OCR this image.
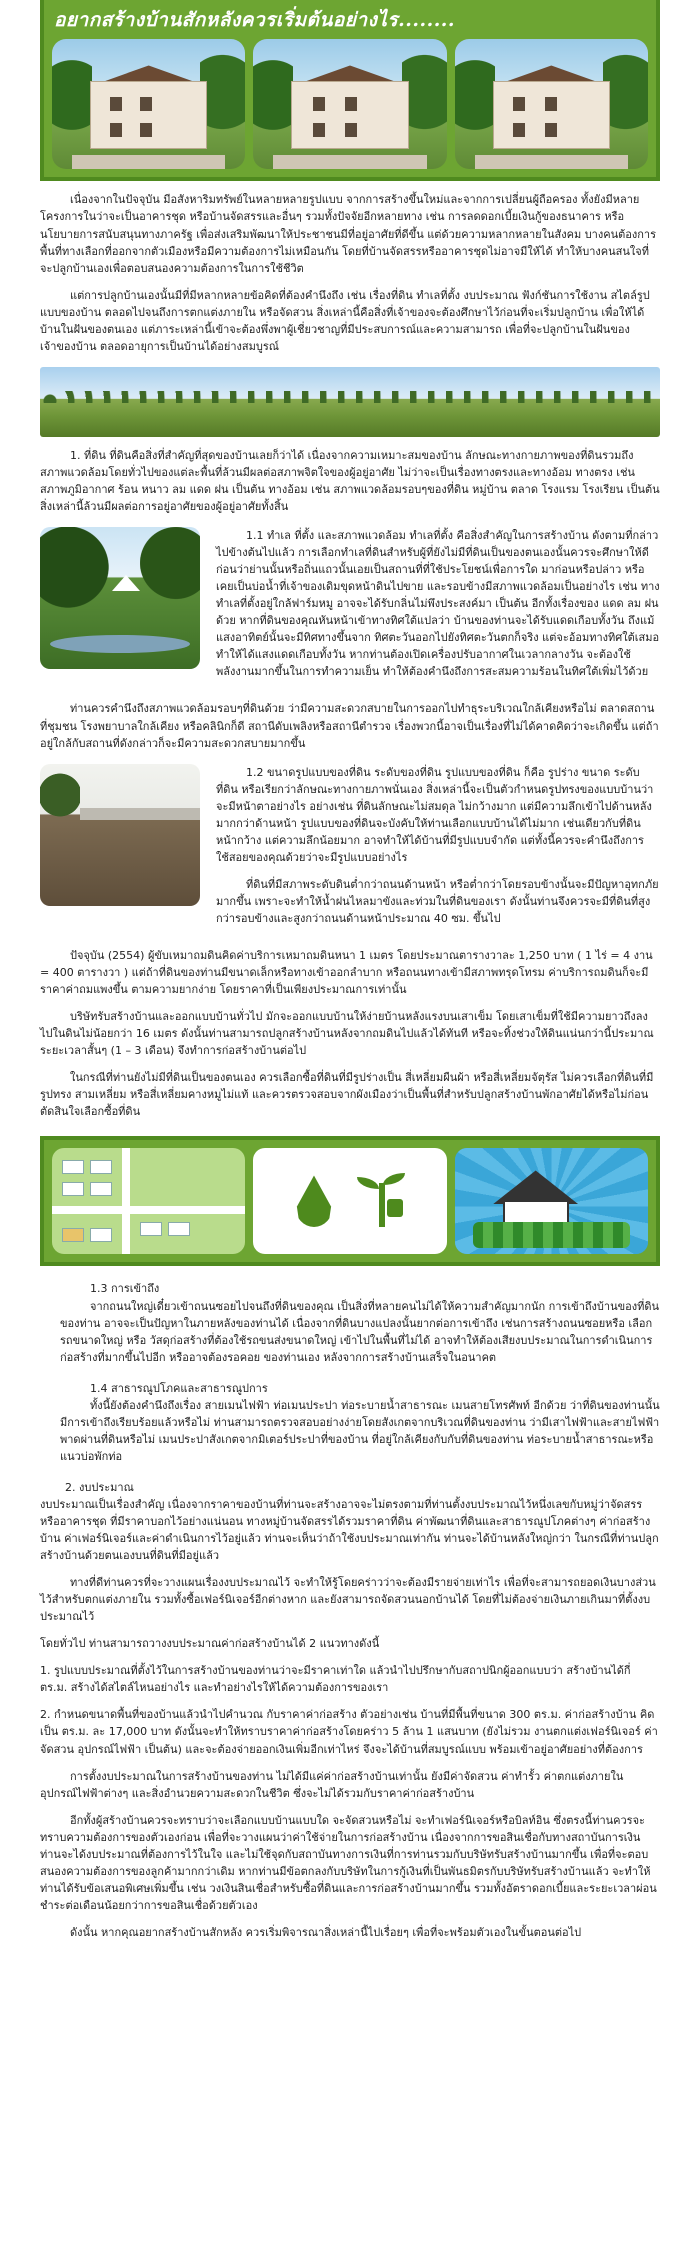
อยากสร้างบ้านสักหลังควรเริ่มต้นอย่างไร........

เนื่องจากในปัจจุบัน มีอสังหาริมทรัพย์ในหลายหลายรูปแบบ จากการสร้างขึ้นใหม่และจากการเปลี่ยนผู้ถือครอง ทั้งยังมีหลายโครงการในว่าจะเป็นอาคารชุด หรือบ้านจัดสรรและอื่นๆ รวมทั้งปัจจัยอีกหลายทาง เช่น การลดดอกเบี้ยเงินกู้ของธนาคาร หรือนโยบายการสนับสนุนทางภาครัฐ เพื่อส่งเสริมพัฒนาให้ประชาชนมีที่อยู่อาศัยที่ดีขึ้น แต่ด้วยความหลากหลายในสังคม บางคนต้องการพื้นที่ทางเลือกที่ออกจากตัวเมืองหรือมีความต้องการไม่เหมือนกัน โดยที่บ้านจัดสรรหรืออาคารชุดไม่อาจมีให้ได้ ทำให้บางคนสนใจที่จะปลูกบ้านเองเพื่อตอบสนองความต้องการในการใช้ชีวิต

แต่การปลูกบ้านเองนั้นมีที่มีหลากหลายข้อคิดที่ต้องคำนึงถึง เช่น เรื่องที่ดิน ทำเลที่ตั้ง งบประมาณ ฟังก์ชันการใช้งาน สไตล์รูปแบบของบ้าน ตลอดไปจนถึงการตกแต่งภายใน หรือจัดสวน สิ่งเหล่านี้คือสิ่งที่เจ้าของจะต้องศึกษาไว้ก่อนที่จะเริ่มปลูกบ้าน เพื่อให้ได้บ้านในฝันของตนเอง แต่ภาระเหล่านี้เข้าจะต้องพึ่งพาผู้เชี่ยวชาญที่มีประสบการณ์และความสามารถ เพื่อที่จะปลูกบ้านในฝันของเจ้าของบ้าน ตลอดอายุการเป็นบ้านได้อย่างสมบูรณ์

1. ที่ดิน ที่ดินคือสิ่งที่สำคัญที่สุดของบ้านเลยก็ว่าได้ เนื่องจากความเหมาะสมของบ้าน ลักษณะทางกายภาพของที่ดินรวมถึงสภาพแวดล้อมโดยทั่วไปของแต่ละพื้นที่ล้วนมีผลต่อสภาพจิตใจของผู้อยู่อาศัย ไม่ว่าจะเป็นเรื่องทางตรงและทางอ้อม ทางตรง เช่น สภาพภูมิอากาศ ร้อน หนาว ลม แดด ฝน เป็นต้น ทางอ้อม เช่น สภาพแวดล้อมรอบๆของที่ดิน หมู่บ้าน ตลาด โรงแรม โรงเรียน เป็นต้น สิ่งเหล่านี้ล้วนมีผลต่อการอยู่อาศัยของผู้อยู่อาศัยทั้งสิ้น

1.1 ทำเล ที่ตั้ง และสภาพแวดล้อม ทำเลที่ตั้ง คือสิ่งสำคัญในการสร้างบ้าน ดังตามที่กล่าวไปข้างต้นไปแล้ว การเลือกทำเลที่ดินสำหรับผู้ที่ยังไม่มีที่ดินเป็นของตนเองนั้นควรจะศึกษาให้ดีก่อนว่าย่านนั้นหรือถิ่นแถวนั้นเอยเป็นสถานที่ที่ใช้ประโยชน์เพื่อการใด มาก่อนหรือปล่าว หรือเคยเป็นบ่อน้ำที่เจ้าของเดิมขุดหน้าดินไปขาย และรอบข้างมีสภาพแวดล้อมเป็นอย่างไร เช่น ทางทำเลที่ตั้งอยู่ใกล้ฟาร์มหมู อาจจะได้รับกลิ่นไม่พึงประสงค์มา เป็นต้น อีกทั้งเรื่องของ แดด ลม ฝน ด้วย หากที่ดินของคุณหันหน้าเข้าทางทิศใต้แปลว่า บ้านของท่านจะได้รับแดดเกือบทั้งวัน ถึงแม้แสงอาทิตย์นั้นจะมีทิศทางขึ้นจาก ทิศตะวันออกไปยังทิศตะวันตกก็จริง แต่จะอ้อมทางทิศใต้เสมอ ทำให้ได้แสงแดดเกือบทั้งวัน หากท่านต้องเปิดเครื่องปรับอากาศในเวลากลางวัน จะต้องใช้พลังงานมากขึ้นในการทำความเย็น ทำให้ต้องคำนึงถึงการสะสมความร้อนในทิศใต้เพิ่มไว้ด้วย

ท่านควรคำนึงถึงสภาพแวดล้อมรอบๆที่ดินด้วย ว่ามีความสะดวกสบายในการออกไปทำธุระบริเวณใกล้เคียงหรือไม่ ตลาดสถานที่ชุมชน โรงพยาบาลใกล้เคียง หรือคลินิกก็ดี สถานีดับเพลิงหรือสถานีตำรวจ เรื่องพวกนี้อาจเป็นเรื่องที่ไม่ได้คาดคิดว่าจะเกิดขึ้น แต่ถ้าอยู่ใกล้กับสถานที่ดังกล่าวก็จะมีความสะดวกสบายมากขึ้น

1.2 ขนาดรูปแบบของที่ดิน ระดับของที่ดิน รูปแบบของที่ดิน ก็คือ รูปร่าง ขนาด ระดับที่ดิน หรือเรียกว่าลักษณะทางกายภาพนั่นเอง สิ่งเหล่านี้จะเป็นตัวกำหนดรูปทรงของแบบบ้านว่าจะมีหน้าตาอย่างไร อย่างเช่น ที่ดินลักษณะไม่สมดุล ไม่กว้างมาก แต่มีความลึกเข้าไปด้านหลังมากกว่าด้านหน้า รูปแบบของที่ดินจะบังคับให้ท่านเลือกแบบบ้านได้ไม่มาก เช่นเดียวกับที่ดินหน้ากว้าง แต่ความลึกน้อยมาก อาจทำให้ได้บ้านที่มีรูปแบบจำกัด แต่ทั้งนี้ควรจะคำนึงถึงการใช้สอยของคุณด้วยว่าจะมีรูปแบบอย่างไร

ที่ดินที่มีสภาพระดับดินต่ำกว่าถนนด้านหน้า หรือต่ำกว่าโดยรอบข้างนั้นจะมีปัญหาอุทกภัยมากขึ้น เพราะจะทำให้น้ำฝนไหลมาขังและท่วมในที่ดินของเรา ดังนั้นท่านจึงควรจะมีที่ดินที่สูงกว่ารอบข้างและสูงกว่าถนนด้านหน้าประมาณ 40 ซม. ขึ้นไป

ปัจจุบัน (2554) ผู้ขับเหมาถมดินคิดค่าบริการเหมาถมดินหนา 1 เมตร โดยประมาณตารางวาละ 1,250 บาท ( 1 ไร่ = 4 งาน = 400 ตารางวา ) แต่ถ้าที่ดินของท่านมีขนาดเล็กหรือทางเข้าออกลำบาก หรือถนนทางเข้ามีสภาพทรุดโทรม ค่าบริการถมดินก็จะมีราคาค่าถมแพงขึ้น ตามความยากง่าย โดยราคาที่เป็นเพียงประมาณการเท่านั้น

บริษัทรับสร้างบ้านและออกแบบบ้านทั่วไป มักจะออกแบบบ้านให้ง่ายบ้านหลังแรงบนเสาเข็ม โดยเสาเข็มที่ใช้มีความยาวถึงลงไปในดินไม่น้อยกว่า 16 เมตร ดังนั้นท่านสามารถปลูกสร้างบ้านหลังจากถมดินไปแล้วได้ทันที หรือจะทิ้งช่วงให้ดินแน่นกว่านี้ประมาณระยะเวลาสั้นๆ (1 – 3 เดือน) จึงทำการก่อสร้างบ้านต่อไป

ในกรณีที่ท่านยังไม่มีที่ดินเป็นของตนเอง ควรเลือกซื้อที่ดินที่มีรูปร่างเป็น สี่เหลี่ยมผืนผ้า หรือสี่เหลี่ยมจัตุรัส ไม่ควรเลือกที่ดินที่มีรูปทรง สามเหลี่ยม หรือสี่เหลี่ยมคางหมูไม่แท้ และควรตรวจสอบจากผังเมืองว่าเป็นพื้นที่สำหรับปลูกสร้างบ้านพักอาศัยได้หรือไม่ก่อนตัดสินใจเลือกซื้อที่ดิน

1.3 การเข้าถึง
จากถนนใหญ่เดี๋ยวเข้าถนนซอยไปจนถึงที่ดินของคุณ เป็นสิ่งที่หลายคนไม่ได้ให้ความสำคัญมากนัก การเข้าถึงบ้านของที่ดินของท่าน อาจจะเป็นปัญหาในภายหลังของท่านได้ เนื่องจากที่ดินบางแปลงนั้นยากต่อการเข้าถึง เช่นการสร้างถนนซอยหรือ เลือกรถขนาดใหญ่ หรือ วัสดุก่อสร้างที่ต้องใช้รถขนส่งขนาดใหญ่ เข้าไปในพื้นที่ไม่ได้ อาจทำให้ต้องเสียงบประมาณในการดำเนินการก่อสร้างที่มากขึ้นไปอีก หรืออาจต้องรอคอย ของท่านเอง หลังจากการสร้างบ้านเสร็จในอนาคต
1.4 สาธารณูปโภคและสาธารณูปการ
ทั้งนี้ยังต้องคำนึงถึงเรื่อง สายเมนไฟฟ้า ท่อเมนประปา ท่อระบายน้ำสาธารณะ เมนสายโทรศัพท์ อีกด้วย ว่าที่ดินของท่านนั้นมีการเข้าถึงเรียบร้อยแล้วหรือไม่ ท่านสามารถตรวจสอบอย่างง่ายโดยสังเกตจากบริเวณที่ดินของท่าน ว่ามีเสาไฟฟ้าและสายไฟฟ้าพาดผ่านที่ดินหรือไม่ เมนประปาสังเกตจากมิเตอร์ประปาที่ของบ้าน ที่อยู่ใกล้เคียงกับกับที่ดินของท่าน ท่อระบายน้ำสาธารณะหรือแนวบ่อพักท่อ
2. งบประมาณ
งบประมาณเป็นเรื่องสำคัญ เนื่องจากราคาของบ้านที่ท่านจะสร้างอาจจะไม่ตรงตามที่ท่านตั้งงบประมาณไว้หนึ่งเลขกับหมู่ว่าจัดสรรหรืออาคารชุด ที่มีราคาบอกไว้อย่างแน่นอน ทางหมู่บ้านจัดสรรได้รวมราคาที่ดิน ค่าพัฒนาที่ดินและสาธารณูปโภคต่างๆ ค่าก่อสร้างบ้าน ค่าเฟอร์นิเจอร์และค่าดำเนินการไว้อยู่แล้ว ท่านจะเห็นว่าถ้าใช้งบประมาณเท่ากัน ท่านจะได้บ้านหลังใหญ่กว่า ในกรณีที่ท่านปลูกสร้างบ้านด้วยตนเองบนที่ดินที่มีอยู่แล้ว

ทางที่ดีท่านควรที่จะวางแผนเรื่องงบประมาณไว้ จะทำให้รู้โดยคร่าวว่าจะต้องมีรายจ่ายเท่าไร เพื่อที่จะสามารถยอดเงินบางส่วนไว้สำหรับตกแต่งภายใน รวมทั้งซื้อเฟอร์นิเจอร์อีกต่างหาก และยังสามารถจัดสวนนอกบ้านได้ โดยที่ไม่ต้องจ่ายเงินภายเกินมาที่ตั้งงบประมาณไว้

โดยทั่วไป ท่านสามารถวางงบประมาณค่าก่อสร้างบ้านได้ 2 แนวทางดังนี้

1. รูปแบบประมาณที่ตั้งไว้ในการสร้างบ้านของท่านว่าจะมีราคาเท่าใด แล้วนำไปปรึกษากับสถาปนิกผู้ออกแบบว่า สร้างบ้านได้กี่ ตร.ม. สร้างได้สไตล์ไหนอย่างไร และทำอย่างไรให้ได้ความต้องการของเรา

2. กำหนดขนาดพื้นที่ของบ้านแล้วนำไปคำนวณ กับราคาค่าก่อสร้าง ตัวอย่างเช่น บ้านที่มีพื้นที่ขนาด 300 ตร.ม. ค่าก่อสร้างบ้าน คิดเป็น ตร.ม. ละ 17,000 บาท ดังนั้นจะทำให้ทราบราคาค่าก่อสร้างโดยคร่าว 5 ล้าน 1 แสนบาท (ยังไม่รวม งานตกแต่งเฟอร์นิเจอร์ ค่าจัดสวน อุปกรณ์ไฟฟ้า เป็นต้น) และจะต้องจ่ายออกเงินเพิ่มอีกเท่าไหร่ จึงจะได้บ้านที่สมบูรณ์แบบ พร้อมเข้าอยู่อาศัยอย่างที่ต้องการ

การตั้งงบประมาณในการสร้างบ้านของท่าน ไม่ได้มีแค่ค่าก่อสร้างบ้านเท่านั้น ยังมีค่าจัดสวน ค่าทำรั้ว ค่าตกแต่งภายใน อุปกรณ์ไฟฟ้าต่างๆ และสิ่งอำนวยความสะดวกในชีวิต ซึ่งจะไม่ได้รวมกับราคาค่าก่อสร้างบ้าน

อีกทั้งผู้สร้างบ้านควรจะทราบว่าจะเลือกแบบบ้านแบบใด จะจัดสวนหรือไม่ จะทำเฟอร์นิเจอร์หรือบิลท์อิน ซึ่งตรงนี้ท่านควรจะทราบความต้องการของตัวเองก่อน เพื่อที่จะวางแผนว่าค่าใช้จ่ายในการก่อสร้างบ้าน เนื่องจากการขอสินเชื่อกับทางสถาบันการเงิน ท่านจะได้งบประมาณที่ต้องการไว้ในใจ และไม่ใช้จุดกับสถาบันทางการเงินที่การท่านรวมกับบริษัทรับสร้างบ้านมากขึ้น เพื่อที่จะตอบสนองความต้องการของลูกค้ามากกว่าเดิม หากท่านมีข้อตกลงกับบริษัทในการกู้เงินที่เป็นพันธมิตรกับบริษัทรับสร้างบ้านแล้ว จะทำให้ท่านได้รับข้อเสนอพิเศษเพิ่มขึ้น เช่น วงเงินสินเชื่อสำหรับซื้อที่ดินและการก่อสร้างบ้านมากขึ้น รวมทั้งอัตราดอกเบี้ยและระยะเวลาผ่อนชำระต่อเดือนน้อยกว่าการขอสินเชื่อด้วยตัวเอง

ดังนั้น หากคุณอยากสร้างบ้านสักหลัง ควรเริ่มพิจารณาสิ่งเหล่านี้ไปเรื่อยๆ เพื่อที่จะพร้อมตัวเองในขั้นตอนต่อไป
